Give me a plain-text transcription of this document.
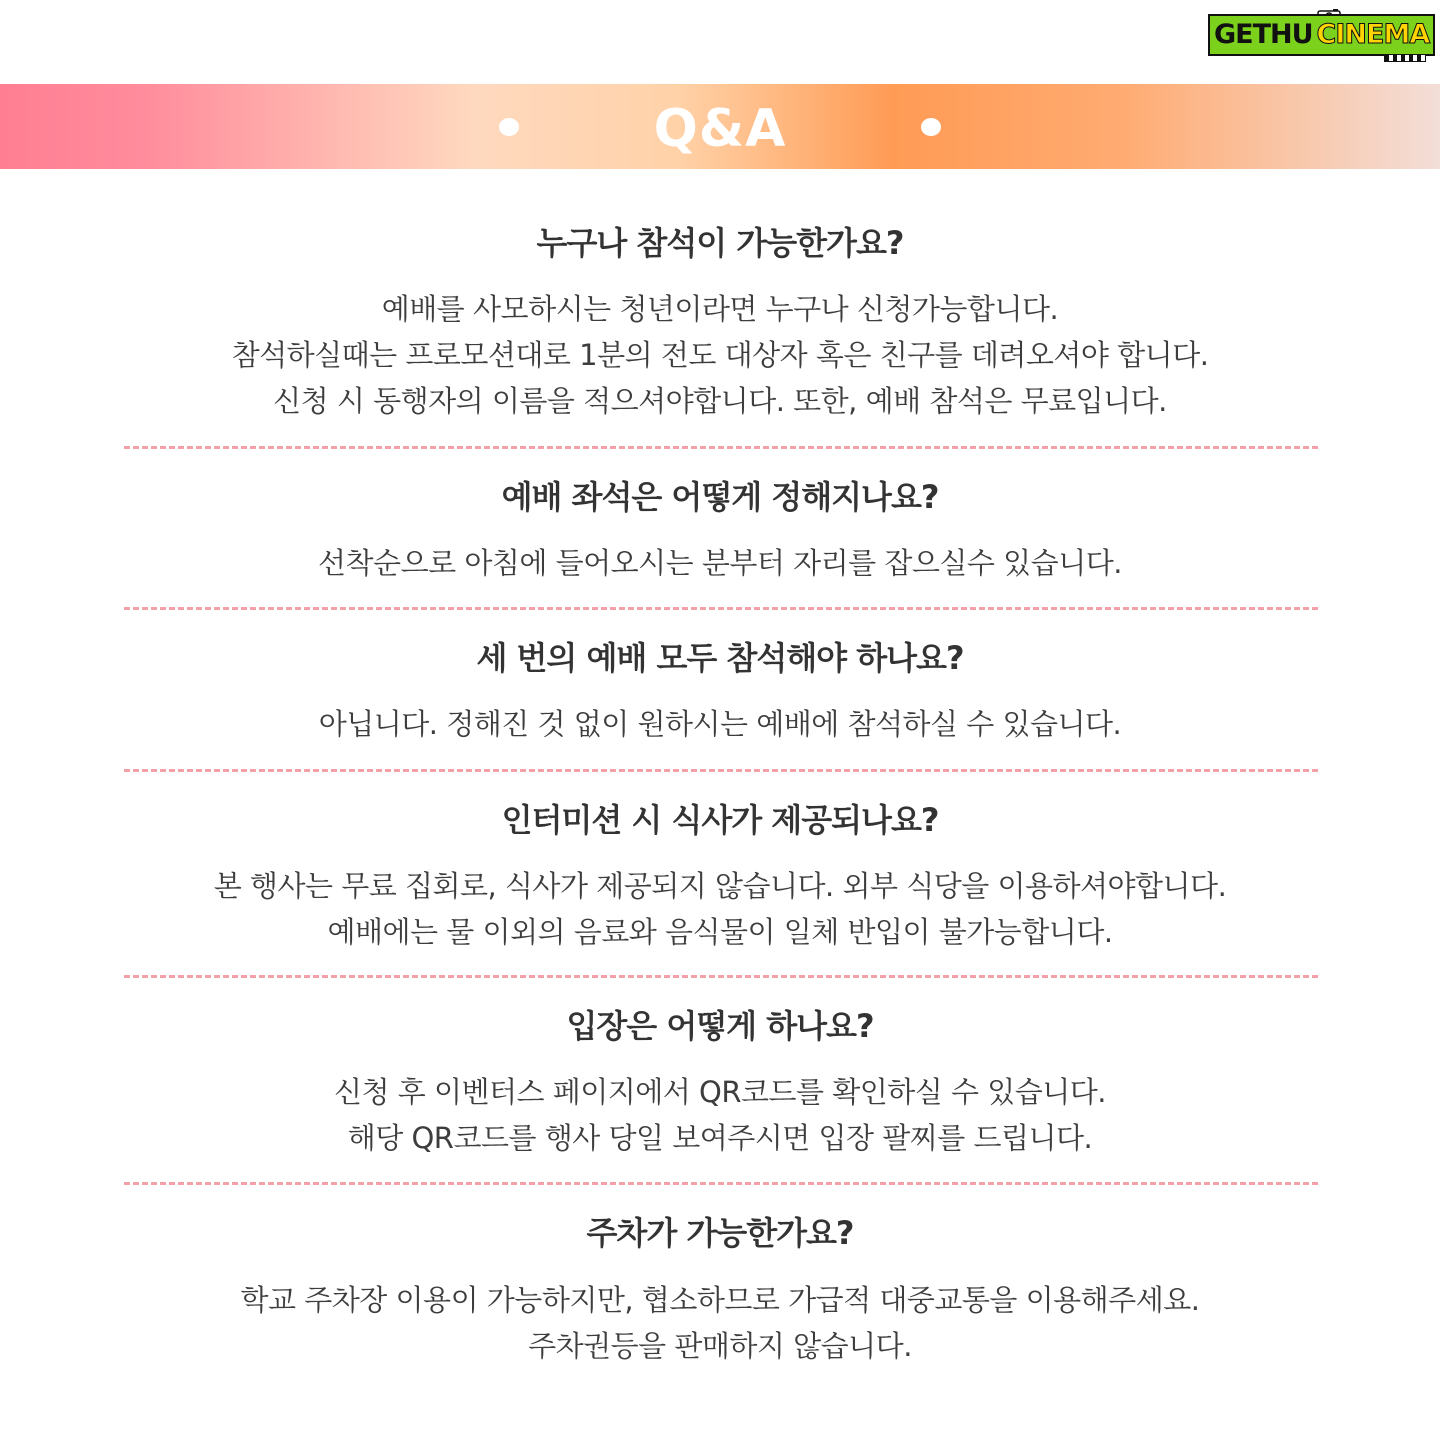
GETHU CINEMA
Q&A
누구나 참석이 가능한가요?
예배를 사모하시는 청년이라면 누구나 신청가능합니다.
참석하실때는 프로모션대로 1분의 전도 대상자 혹은 친구를 데려오셔야 합니다.
신청 시 동행자의 이름을 적으셔야합니다. 또한, 예배 참석은 무료입니다.
예배 좌석은 어떻게 정해지나요?
선착순으로 아침에 들어오시는 분부터 자리를 잡으실수 있습니다.
세 번의 예배 모두 참석해야 하나요?
아닙니다. 정해진 것 없이 원하시는 예배에 참석하실 수 있습니다.
인터미션 시 식사가 제공되나요?
본 행사는 무료 집회로, 식사가 제공되지 않습니다. 외부 식당을 이용하셔야합니다.
예배에는 물 이외의 음료와 음식물이 일체 반입이 불가능합니다.
입장은 어떻게 하나요?
신청 후 이벤터스 페이지에서 QR코드를 확인하실 수 있습니다.
해당 QR코드를 행사 당일 보여주시면 입장 팔찌를 드립니다.
주차가 가능한가요?
학교 주차장 이용이 가능하지만, 협소하므로 가급적 대중교통을 이용해주세요.
주차권등을 판매하지 않습니다.
